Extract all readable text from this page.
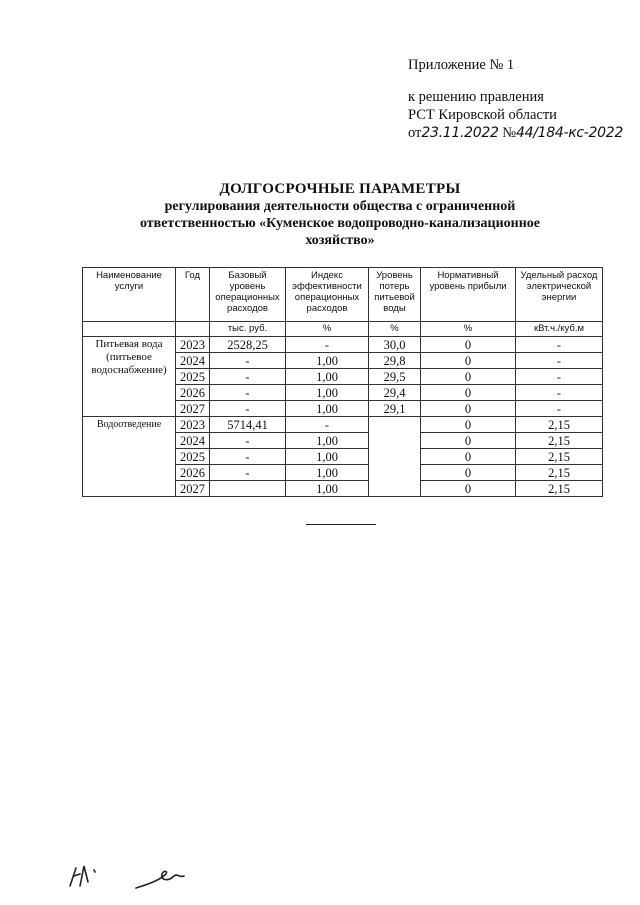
Приложение № 1
к решению правления
РСТ Кировской области
от23.11.2022 №44/184-кс-2022
ДОЛГОСРОЧНЫЕ ПАРАМЕТРЫ
регулирования деятельности общества с ограниченной
ответственностью «Куменское водопроводно-канализационное
хозяйство»
Наименование услуги	Год	Базовый уровень операционных расходов	Индекс эффективности операционных расходов	Уровень потерь питьевой воды	Нормативный уровень прибыли	Удельный расход электрической энергии
		тыс. руб.	%	%	%	кВт.ч./куб.м
Питьевая вода (питьевое водоснабжение)	2023	2528,25	-	30,0	0	-
	2024	-	1,00	29,8	0	-
	2025	-	1,00	29,5	0	-
	2026	-	1,00	29,4	0	-
	2027	-	1,00	29,1	0	-
Водоотведение	2023	5714,41	-		0	2,15
	2024	-	1,00		0	2,15
	2025	-	1,00		0	2,15
	2026	-	1,00		0	2,15
	2027		1,00		0	2,15
